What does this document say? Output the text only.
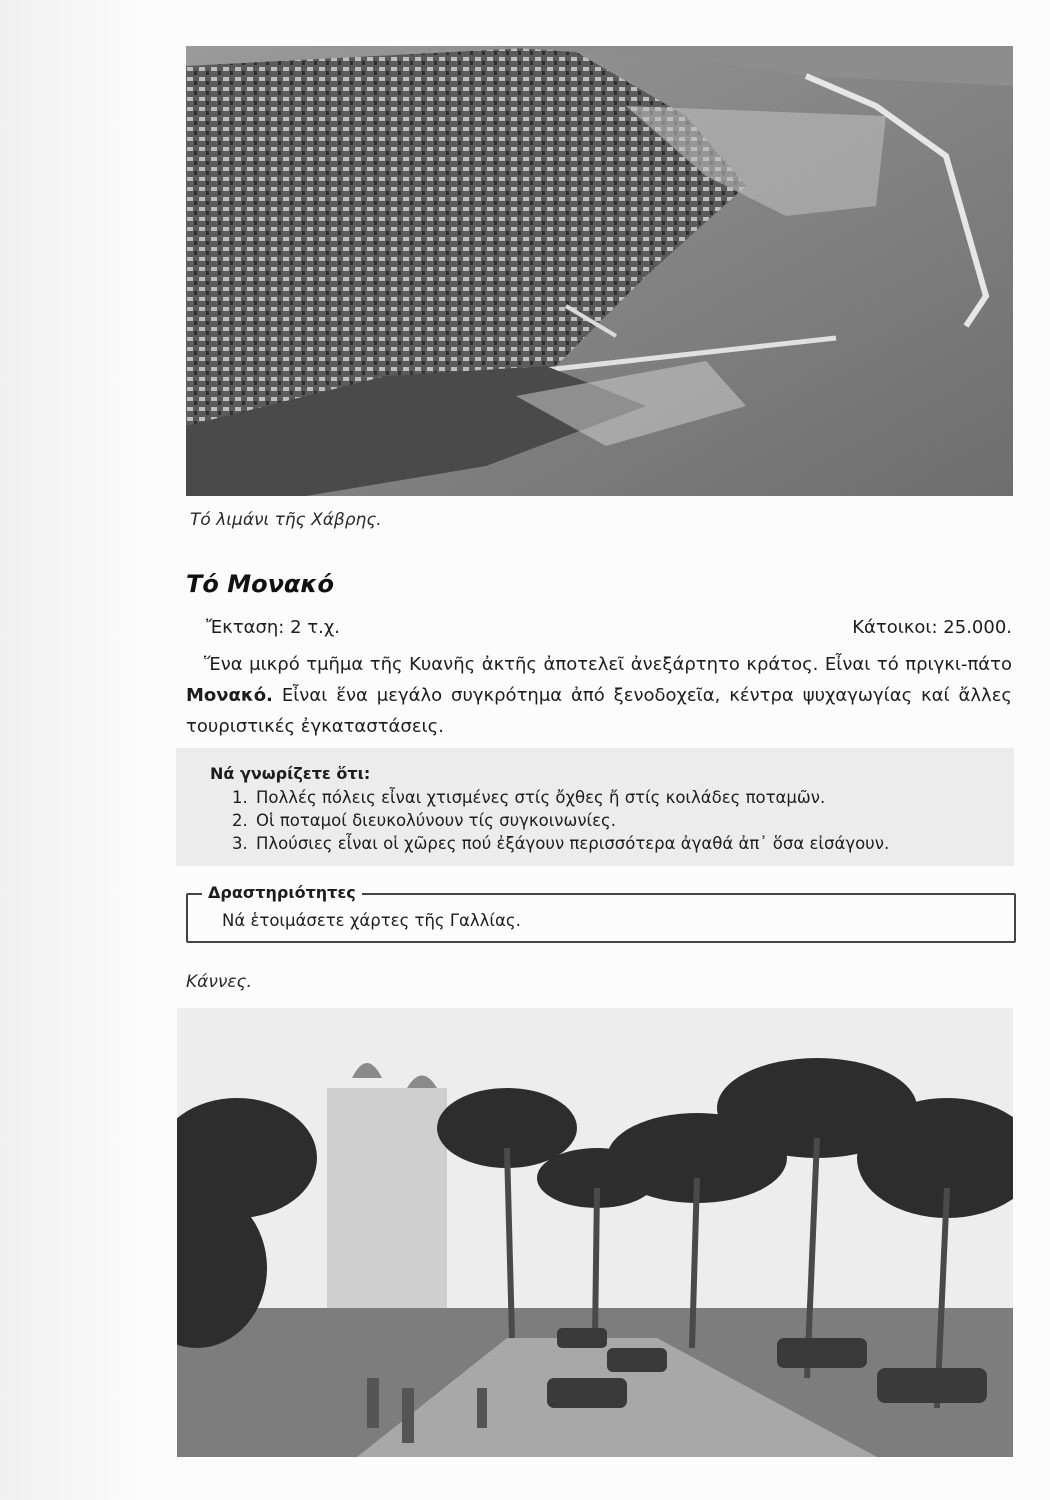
Τό λιμάνι τῆς Χάβρης.
Τό Μονακό
Ἔκταση: 2 τ.χ.	Κάτοικοι: 25.000.
Ἕνα μικρό τμῆμα τῆς Κυανῆς ἀκτῆς ἀποτελεῖ ἀνεξάρτητο κράτος. Εἶναι τό πριγκι-πάτο Μονακό. Εἶναι ἕνα μεγάλο συγκρότημα ἀπό ξενοδοχεῖα, κέντρα ψυχαγωγίας καί ἄλλες τουριστικές ἐγκαταστάσεις.
Νά γνωρίζετε ὅτι:
1. Πολλές πόλεις εἶναι χτισμένες στίς ὄχθες ἤ στίς κοιλάδες ποταμῶν.
2. Οἱ ποταμοί διευκολύνουν τίς συγκοινωνίες.
3. Πλούσιες εἶναι οἱ χῶρες πού ἐξάγουν περισσότερα ἀγαθά ἀπ᾿ ὅσα εἰσάγουν.
Δραστηριότητες
Νά ἑτοιμάσετε χάρτες τῆς Γαλλίας.
Κάννες.
